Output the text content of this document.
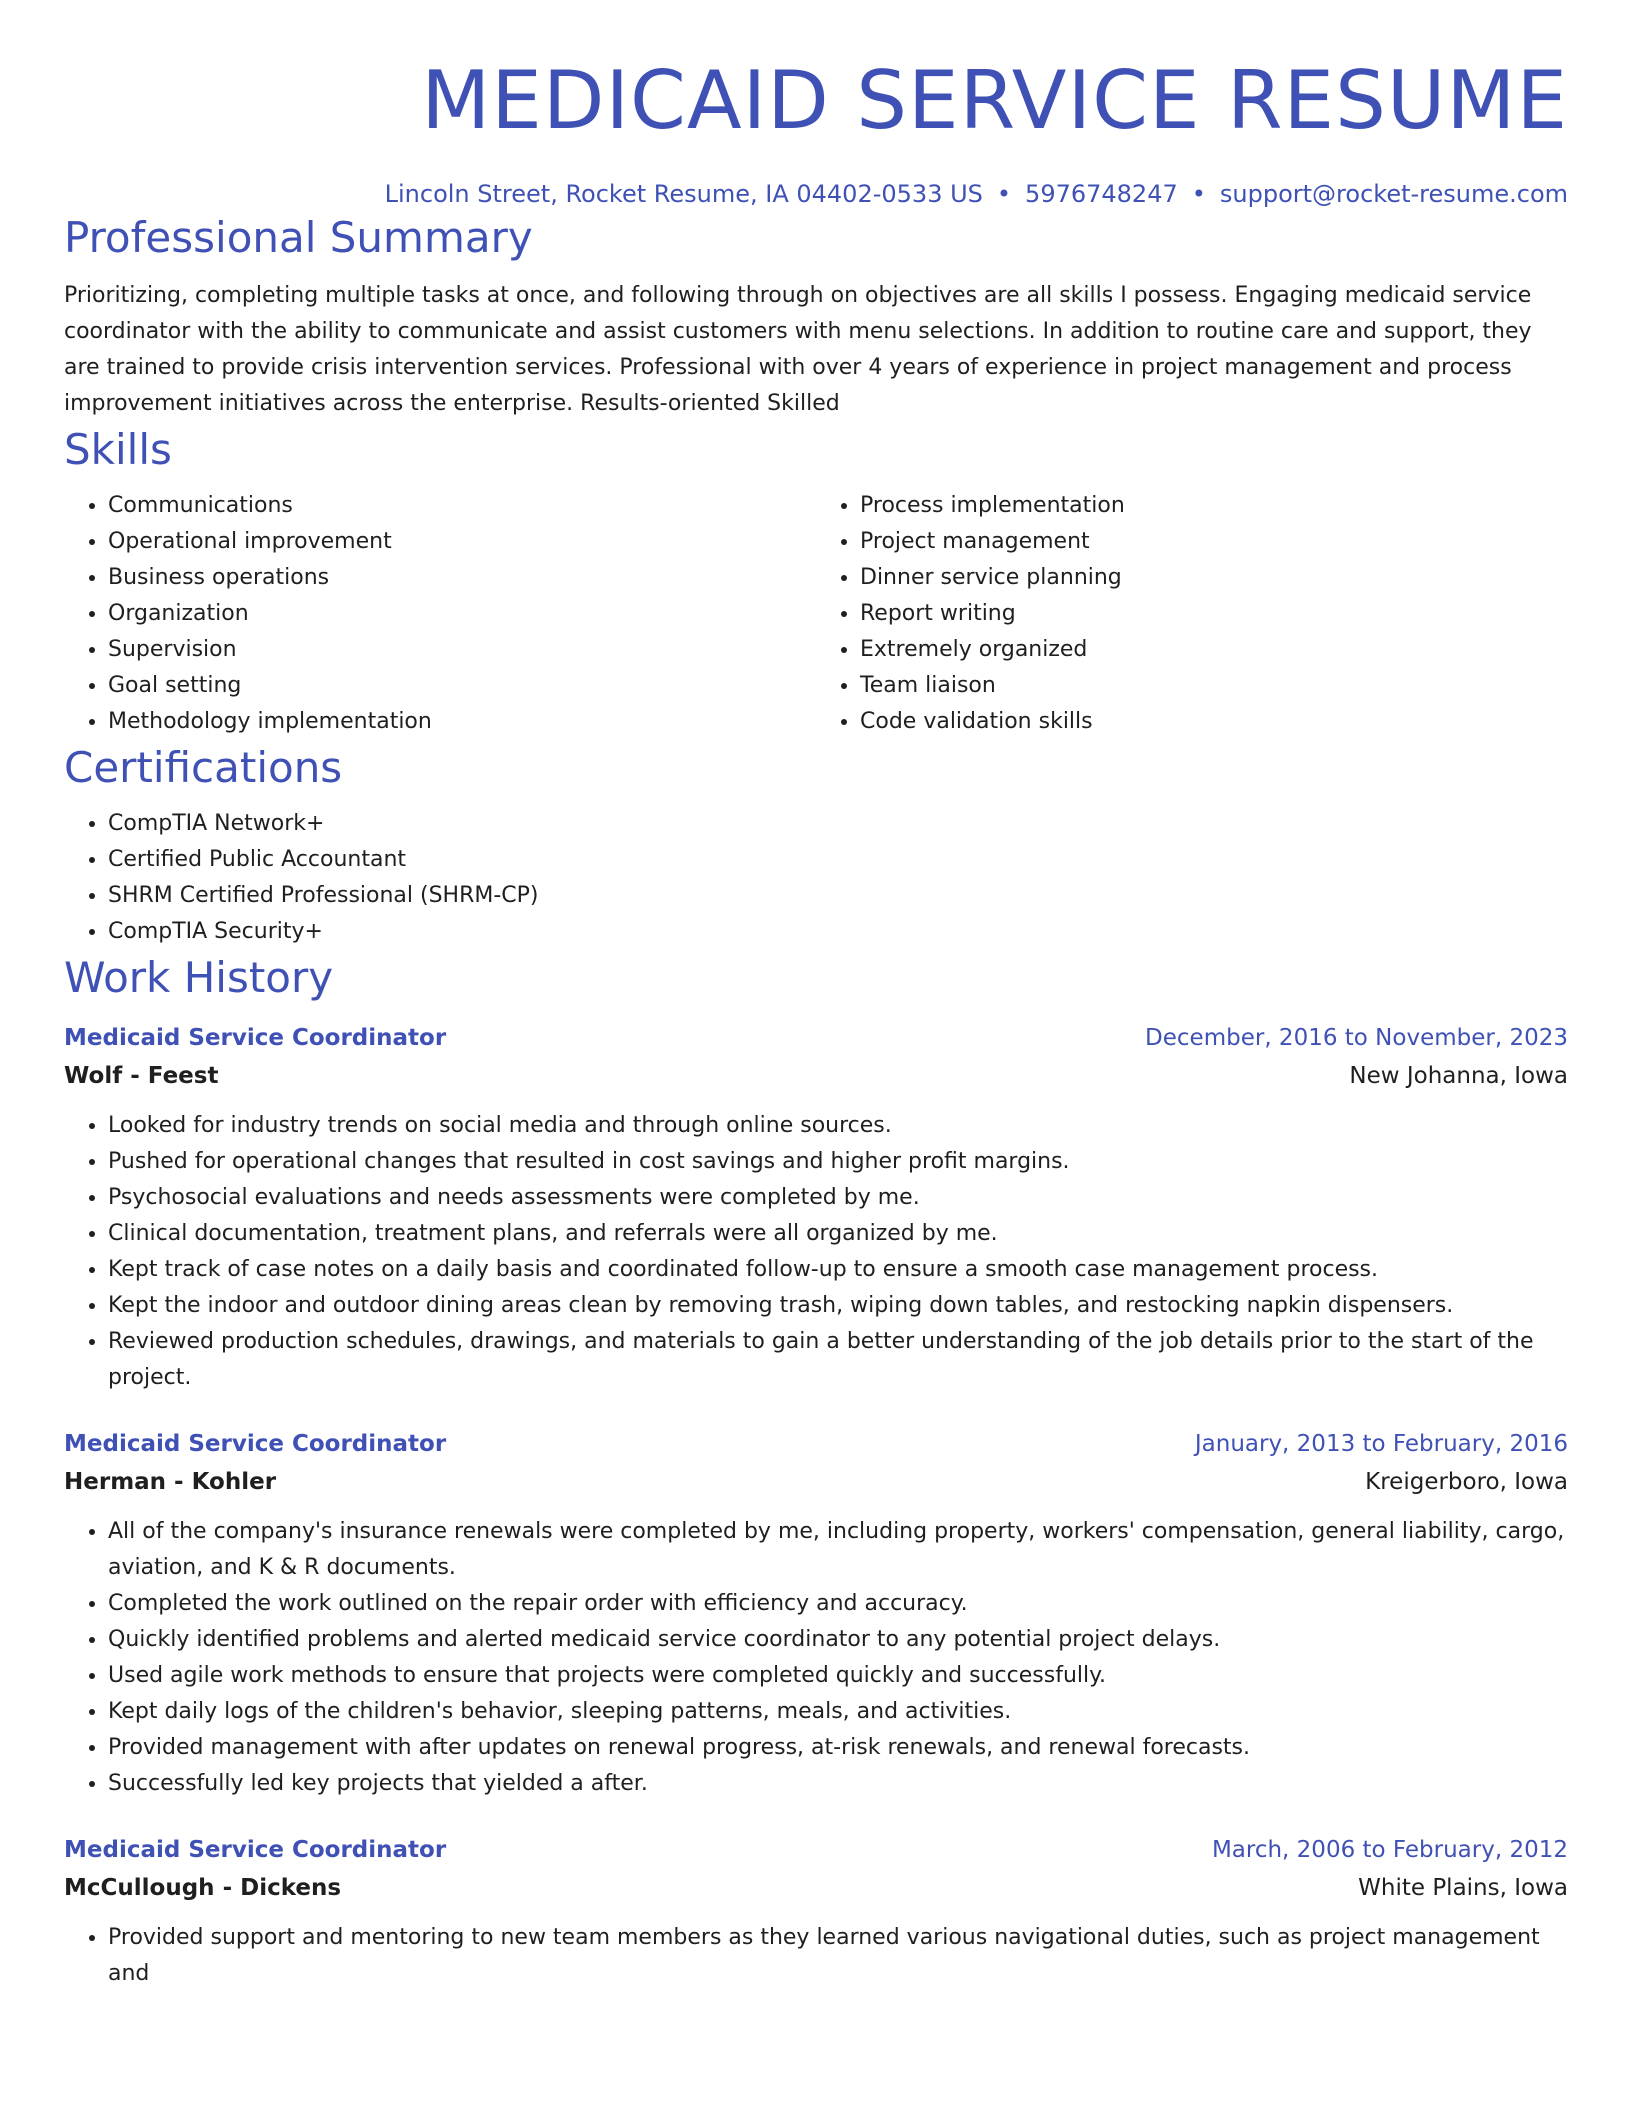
MEDICAID SERVICE RESUME
Lincoln Street, Rocket Resume, IA 04402-0533 US • 5976748247 • support@rocket-resume.com
Professional Summary

Prioritizing, completing multiple tasks at once, and following through on objectives are all skills I possess. Engaging medicaid service coordinator with the ability to communicate and assist customers with menu selections. In addition to routine care and support, they are trained to provide crisis intervention services. Professional with over 4 years of experience in project management and process improvement initiatives across the enterprise. Results-oriented Skilled

Skills
• Communications
• Operational improvement
• Business operations
• Organization
• Supervision
• Goal setting
• Methodology implementation
• Process implementation
• Project management
• Dinner service planning
• Report writing
• Extremely organized
• Team liaison
• Code validation skills
Certifications
• CompTIA Network+
• Certified Public Accountant
• SHRM Certified Professional (SHRM-CP)
• CompTIA Security+
Work History
Medicaid Service Coordinator	December, 2016 to November, 2023
Wolf - Feest	New Johanna, Iowa
• Looked for industry trends on social media and through online sources.
• Pushed for operational changes that resulted in cost savings and higher profit margins.
• Psychosocial evaluations and needs assessments were completed by me.
• Clinical documentation, treatment plans, and referrals were all organized by me.
• Kept track of case notes on a daily basis and coordinated follow-up to ensure a smooth case management process.
• Kept the indoor and outdoor dining areas clean by removing trash, wiping down tables, and restocking napkin dispensers.
• Reviewed production schedules, drawings, and materials to gain a better understanding of the job details prior to the start of the project.
Medicaid Service Coordinator	January, 2013 to February, 2016
Herman - Kohler	Kreigerboro, Iowa
• All of the company's insurance renewals were completed by me, including property, workers' compensation, general liability, cargo, aviation, and K & R documents.
• Completed the work outlined on the repair order with efficiency and accuracy.
• Quickly identified problems and alerted medicaid service coordinator to any potential project delays.
• Used agile work methods to ensure that projects were completed quickly and successfully.
• Kept daily logs of the children's behavior, sleeping patterns, meals, and activities.
• Provided management with after updates on renewal progress, at-risk renewals, and renewal forecasts.
• Successfully led key projects that yielded a after.
Medicaid Service Coordinator	March, 2006 to February, 2012
McCullough - Dickens	White Plains, Iowa
• Provided support and mentoring to new team members as they learned various navigational duties, such as project management and
